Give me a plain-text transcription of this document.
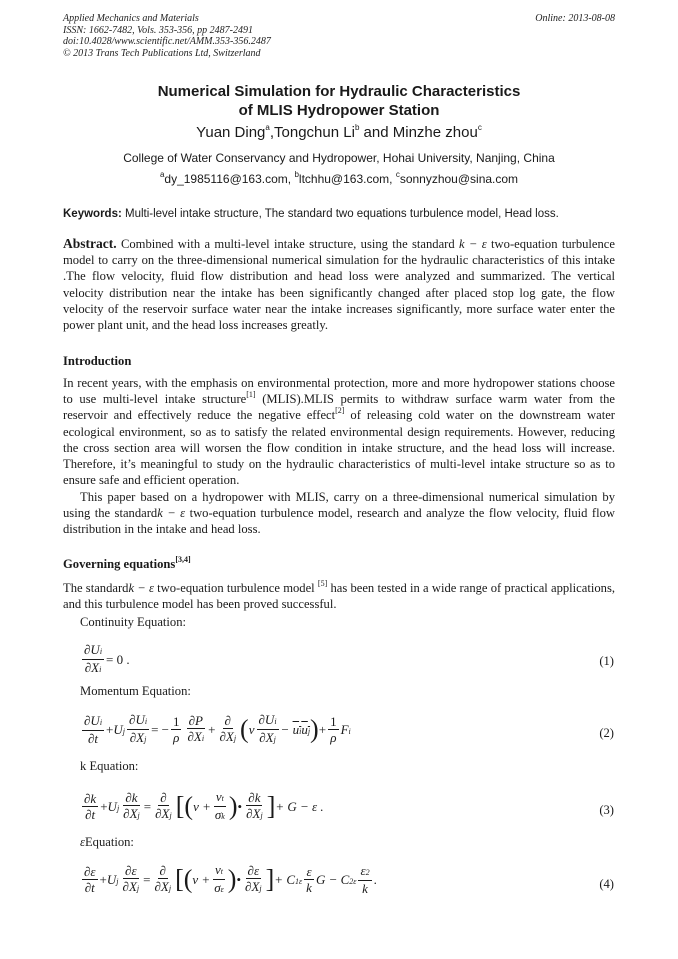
Applied Mechanics and Materials
ISSN: 1662-7482, Vols. 353-356, pp 2487-2491
doi:10.4028/www.scientific.net/AMM.353-356.2487
© 2013 Trans Tech Publications Ltd, Switzerland
Online: 2013-08-08
Numerical Simulation for Hydraulic Characteristics
of MLIS Hydropower Station
Yuan Ding$^a$,Tongchun Li$^b$ and Minzhe zhou$^c$
College of Water Conservancy and Hydropower, Hohai University, Nanjing, China
$^a$dy_1985116@163.com, $^b$ltchhu@163.com, $^c$sonnyzhou@sina.com
Keywords: Multi-level intake structure, The standard two equations turbulence model, Head loss.
Abstract. Combined with a multi-level intake structure, using the standard k − ε two-equation turbulence model to carry on the three-dimensional numerical simulation for the hydraulic characteristics of this intake .The flow velocity, fluid flow distribution and head loss were analyzed and summarized. The vertical velocity distribution near the intake has been significantly changed after placed stop log gate, the flow velocity of the reservoir surface water near the intake increases significantly, more surface water enter the power plant unit, and the head loss increases greatly.
Introduction
In recent years, with the emphasis on environmental protection, more and more hydropower stations choose to use multi-level intake structure[1] (MLIS).MLIS permits to withdraw surface warm water from the reservoir and effectively reduce the negative effect[2] of releasing cold water on the downstream water ecological environment, so as to satisfy the related environmental design requirements. However, reducing the cross section area will worsen the flow condition in intake structure, and the head loss will increase. Therefore, it’s meaningful to study on the hydraulic characteristics of multi-level intake structure so as to ensure safe and efficient operation.
This paper based on a hydropower with MLIS, carry on a three-dimensional numerical simulation by using the standardk − ε two-equation turbulence model, research and analyze the flow velocity, fluid flow distribution in the intake and head loss.
Governing equations[3,4]
The standardk − ε two-equation turbulence model [5] has been tested in a wide range of practical applications, and this turbulence model has been proved successful.
Continuity Equation:
$\frac{\partial Ui}{\partial Xi} = 0$ .	(1)
Momentum Equation:
$\frac{\partial Ui}{\partial t} +Uj \frac{\partial Ui}{\partial Xj}$ = − $\frac{1}{\rho} \frac{\partial P}{\partial Xi} + \frac{\partial}{\partial Xj} (v \frac{\partial Ui}{\partial Xj}$ − uiuj)+ $\frac{1}{\rho}$ Fi	(2)
k Equation:
$\frac{\partial k}{\partial t} +Uj \frac{\partial k}{\partial Xj} = \frac{\partial}{\partial Xj} [(v + \frac{vt}{\sigma k}$ )• $\frac{\partial k}{\partial Xj}$ ]+ G − ε .	(3)
εEquation:
$\frac{\partial\varepsilon}{\partial t} +Uj \frac{\partial\varepsilon}{\partial Xj} = \frac{\partial}{\partial Xj} [(v + \frac{vt}{\sigma\varepsilon}$ )• $\frac{\partial\varepsilon}{\partial Xj}$ ]+ $C1\varepsilon \frac{\varepsilon}{k}$ $G - C2\varepsilon \frac{\varepsilon 2}{k}$ .	(4)
